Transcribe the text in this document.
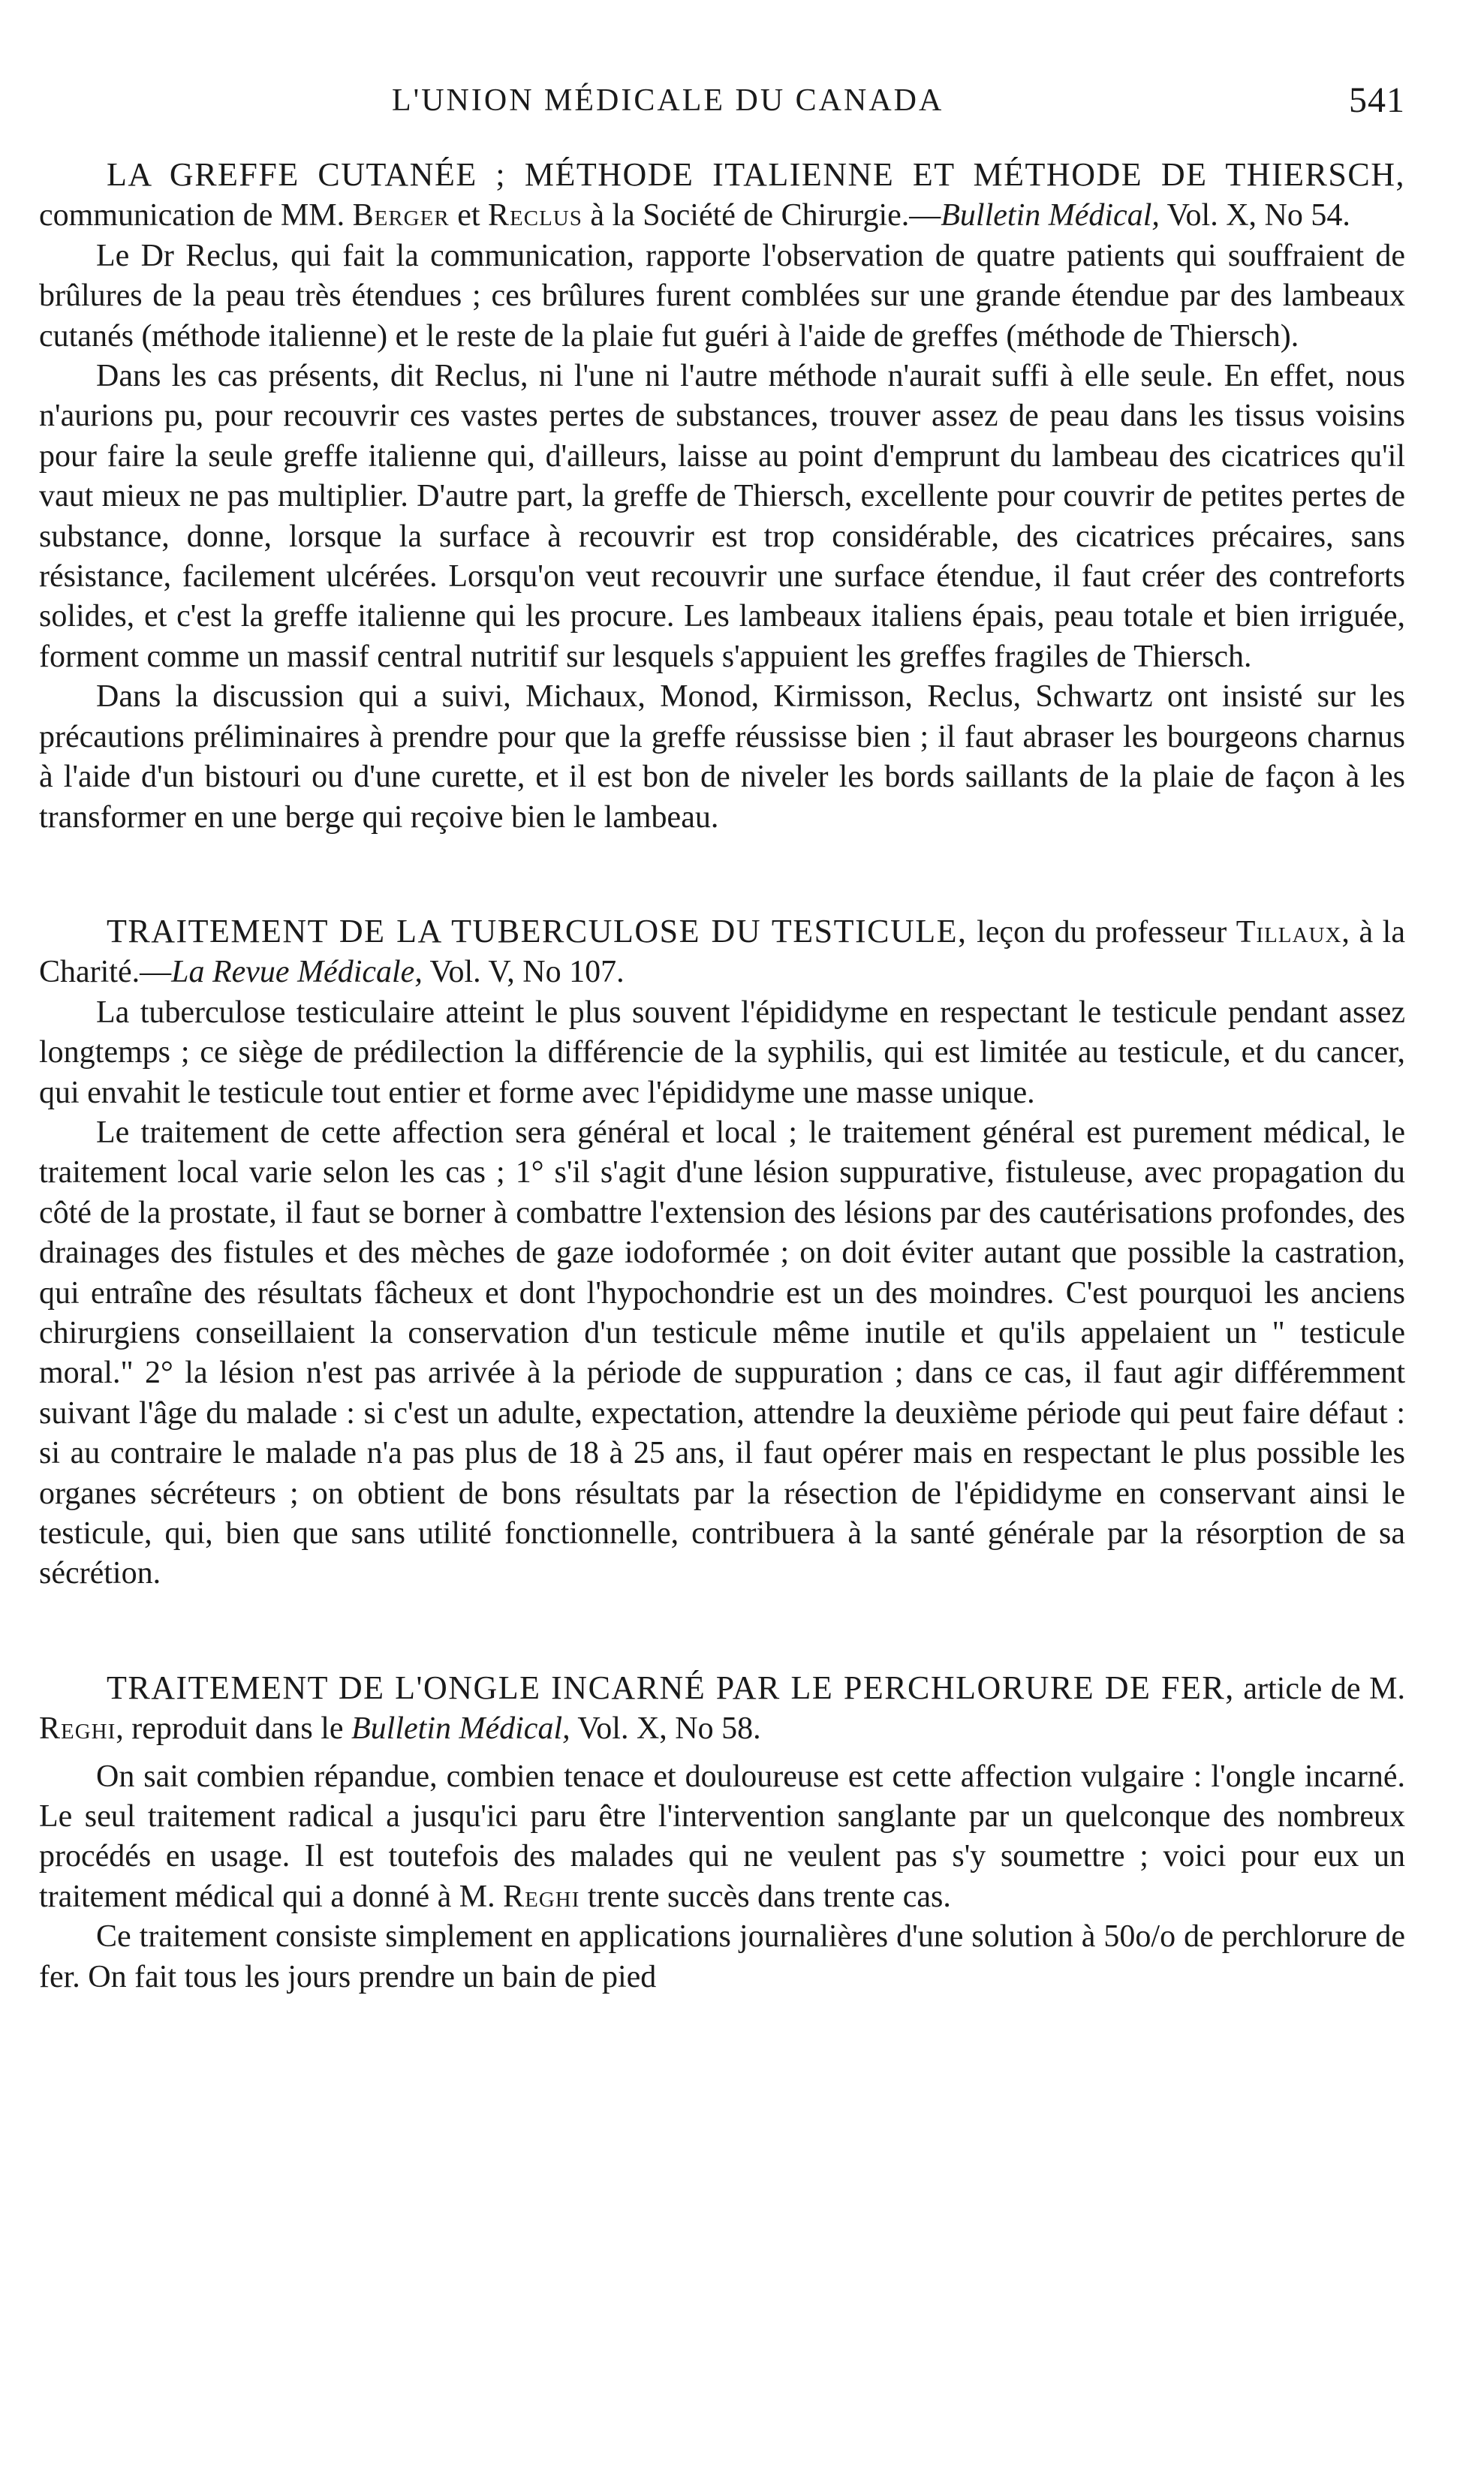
L'UNION MÉDICALE DU CANADA	541

LA GREFFE CUTANÉE ; MÉTHODE ITALIENNE ET MÉTHODE DE THIERSCH, communication de MM. Berger et Reclus à la Société de Chirurgie.—Bulletin Médical, Vol. X, No 54.

Le Dr Reclus, qui fait la communication, rapporte l'observation de quatre patients qui souffraient de brûlures de la peau très étendues ; ces brûlures furent comblées sur une grande étendue par des lambeaux cutanés (méthode italienne) et le reste de la plaie fut guéri à l'aide de greffes (méthode de Thiersch).

Dans les cas présents, dit Reclus, ni l'une ni l'autre méthode n'aurait suffi à elle seule. En effet, nous n'aurions pu, pour recouvrir ces vastes pertes de substances, trouver assez de peau dans les tissus voisins pour faire la seule greffe italienne qui, d'ailleurs, laisse au point d'emprunt du lambeau des cicatrices qu'il vaut mieux ne pas multiplier. D'autre part, la greffe de Thiersch, excellente pour couvrir de petites pertes de substance, donne, lorsque la surface à recouvrir est trop considérable, des cicatrices précaires, sans résistance, facilement ulcérées. Lorsqu'on veut recouvrir une surface étendue, il faut créer des contreforts solides, et c'est la greffe italienne qui les procure. Les lambeaux italiens épais, peau totale et bien irriguée, forment comme un massif central nutritif sur lesquels s'appuient les greffes fragiles de Thiersch.

Dans la discussion qui a suivi, Michaux, Monod, Kirmisson, Reclus, Schwartz ont insisté sur les précautions préliminaires à prendre pour que la greffe réussisse bien ; il faut abraser les bourgeons charnus à l'aide d'un bistouri ou d'une curette, et il est bon de niveler les bords saillants de la plaie de façon à les transformer en une berge qui reçoive bien le lambeau.

TRAITEMENT DE LA TUBERCULOSE DU TESTICULE, leçon du professeur Tillaux, à la Charité.—La Revue Médicale, Vol. V, No 107.

La tuberculose testiculaire atteint le plus souvent l'épididyme en respectant le testicule pendant assez longtemps ; ce siège de prédilection la différencie de la syphilis, qui est limitée au testicule, et du cancer, qui envahit le testicule tout entier et forme avec l'épididyme une masse unique.

Le traitement de cette affection sera général et local ; le traitement général est purement médical, le traitement local varie selon les cas ; 1° s'il s'agit d'une lésion suppurative, fistuleuse, avec propagation du côté de la prostate, il faut se borner à combattre l'extension des lésions par des cautérisations profondes, des drainages des fistules et des mèches de gaze iodoformée ; on doit éviter autant que possible la castration, qui entraîne des résultats fâcheux et dont l'hypochondrie est un des moindres. C'est pourquoi les anciens chirurgiens conseillaient la conservation d'un testicule même inutile et qu'ils appelaient un " testicule moral." 2° la lésion n'est pas arrivée à la période de suppuration ; dans ce cas, il faut agir différemment suivant l'âge du malade : si c'est un adulte, expectation, attendre la deuxième période qui peut faire défaut : si au contraire le malade n'a pas plus de 18 à 25 ans, il faut opérer mais en respectant le plus possible les organes sécréteurs ; on obtient de bons résultats par la résection de l'épididyme en conservant ainsi le testicule, qui, bien que sans utilité fonctionnelle, contribuera à la santé générale par la résorption de sa sécrétion.

TRAITEMENT DE L'ONGLE INCARNÉ PAR LE PERCHLORURE DE FER, article de M. Reghi, reproduit dans le Bulletin Médical, Vol. X, No 58.

On sait combien répandue, combien tenace et douloureuse est cette affection vulgaire : l'ongle incarné. Le seul traitement radical a jusqu'ici paru être l'intervention sanglante par un quelconque des nombreux procédés en usage. Il est toutefois des malades qui ne veulent pas s'y soumettre ; voici pour eux un traitement médical qui a donné à M. Reghi trente succès dans trente cas.

Ce traitement consiste simplement en applications journalières d'une solution à 50o/o de perchlorure de fer. On fait tous les jours prendre un bain de pied
